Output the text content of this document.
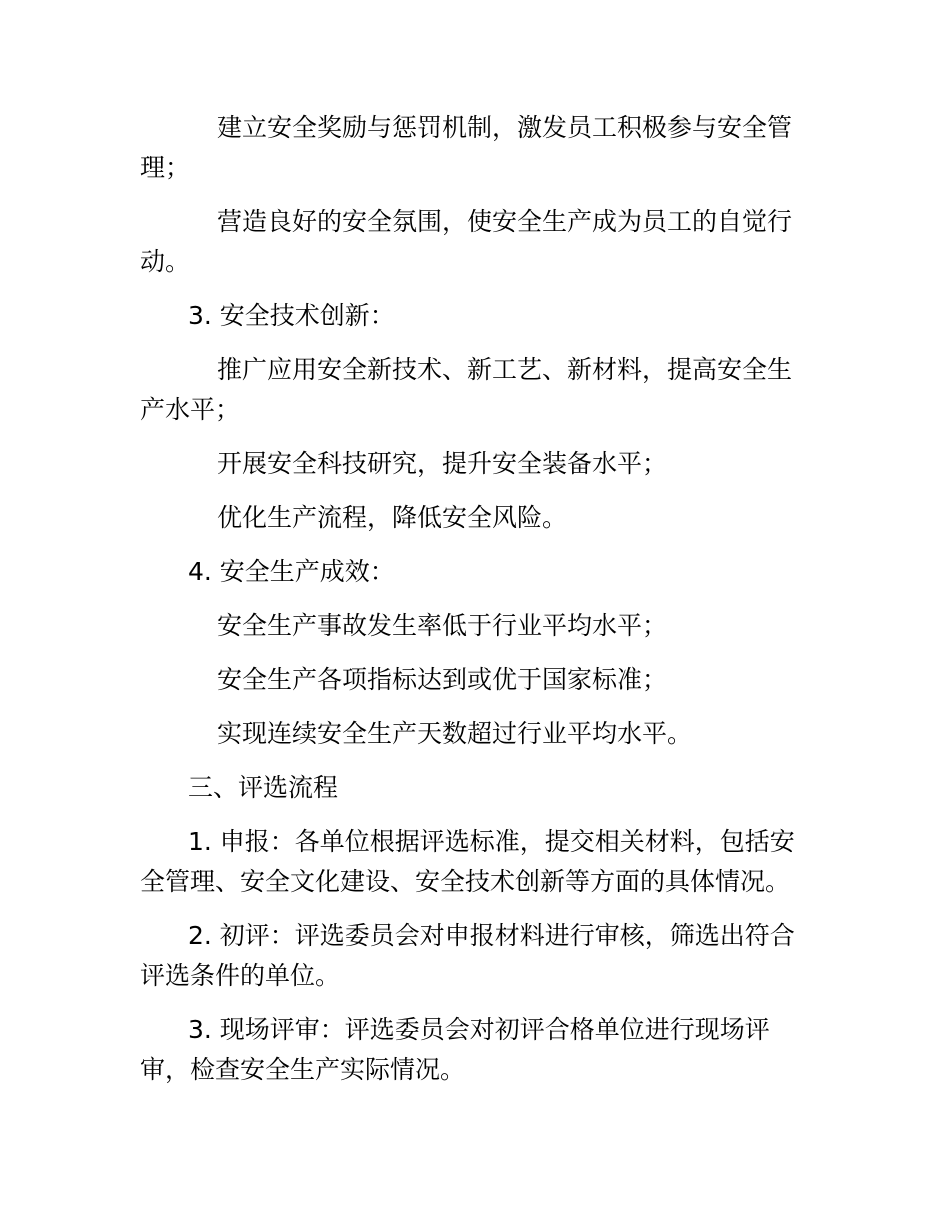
建立安全奖励与惩罚机制，激发员工积极参与安全管理；

营造良好的安全氛围，使安全生产成为员工的自觉行动。

3. 安全技术创新：

推广应用安全新技术、新工艺、新材料，提高安全生产水平；

开展安全科技研究，提升安全装备水平；

优化生产流程，降低安全风险。

4. 安全生产成效：

安全生产事故发生率低于行业平均水平；

安全生产各项指标达到或优于国家标准；

实现连续安全生产天数超过行业平均水平。

三、评选流程

1. 申报：各单位根据评选标准，提交相关材料，包括安全管理、安全文化建设、安全技术创新等方面的具体情况。

2. 初评：评选委员会对申报材料进行审核，筛选出符合评选条件的单位。

3. 现场评审：评选委员会对初评合格单位进行现场评审，检查安全生产实际情况。
